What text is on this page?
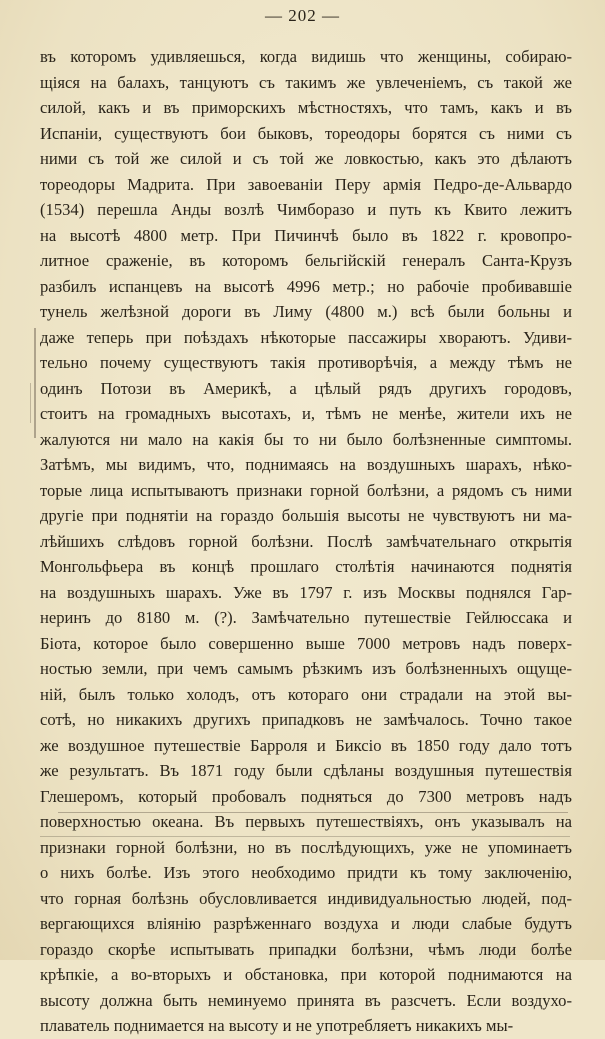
— 202 —
въ которомъ удивляешься, когда видишь что женщины, собираю-
щіяся на балахъ, танцуютъ съ такимъ же увлеченіемъ, съ такой же
силой, какъ и въ приморскихъ мѣстностяхъ, что тамъ, какъ и въ
Испаніи, существуютъ бои быковъ, тореодоры борятся съ ними съ
ними съ той же силой и съ той же ловкостью, какъ это дѣлаютъ
тореодоры Мадрита. При завоеваніи Перу армія Педро-де-Альвардо
(1534) перешла Анды возлѣ Чимборазо и путь къ Квито лежитъ
на высотѣ 4800 метр. При Пичинчѣ было въ 1822 г. кровопро-
литное сраженіе, въ которомъ бельгійскій генералъ Санта-Крузъ
разбилъ испанцевъ на высотѣ 4996 метр.; но рабочіе пробивавшіе
тунель желѣзной дороги въ Лиму (4800 м.) всѣ были больны и
даже теперь при поѣздахъ нѣкоторые пассажиры хвораютъ. Удиви-
тельно почему существуютъ такія противорѣчія, а между тѣмъ не
одинъ Потози въ Америкѣ, а цѣлый рядъ другихъ городовъ,
стоитъ на громадныхъ высотахъ, и, тѣмъ не менѣе, жители ихъ не
жалуются ни мало на какія бы то ни было болѣзненные симптомы.
Затѣмъ, мы видимъ, что, поднимаясь на воздушныхъ шарахъ, нѣко-
торые лица испытываютъ признаки горной болѣзни, а рядомъ съ ними
другіе при поднятіи на гораздо большія высоты не чувствуютъ ни ма-
лѣйшихъ слѣдовъ горной болѣзни. Послѣ замѣчательнаго открытія
Монгольфьера въ концѣ прошлаго столѣтія начинаются поднятія
на воздушныхъ шарахъ. Уже въ 1797 г. изъ Москвы поднялся Гар-
неринъ до 8180 м. (?). Замѣчательно путешествіе Гейлюссака и
Біота, которое было совершенно выше 7000 метровъ надъ поверх-
ностью земли, при чемъ самымъ рѣзкимъ изъ болѣзненныхъ ощуще-
ній, былъ только холодъ, отъ котораго они страдали на этой вы-
сотѣ, но никакихъ другихъ припадковъ не замѣчалось. Точно такое
же воздушное путешествіе Барроля и Биксіо въ 1850 году дало тотъ
же результатъ. Въ 1871 году были сдѣланы воздушныя путешествія
Глешеромъ, который пробовалъ подняться до 7300 метровъ надъ
поверхностью океана. Въ первыхъ путешествіяхъ, онъ указывалъ на
признаки горной болѣзни, но въ послѣдующихъ, уже не упоминаетъ
о нихъ болѣе. Изъ этого необходимо придти къ тому заключенію,
что горная болѣзнь обусловливается индивидуальностью людей, под-
вергающихся вліянію разрѣженнаго воздуха и люди слабые будутъ
гораздо скорѣе испытывать припадки болѣзни, чѣмъ люди болѣе
крѣпкіе, а во-вторыхъ и обстановка, при которой поднимаются на
высоту должна быть неминуемо принята въ разсчетъ. Если воздухо-
плаватель поднимается на высоту и не употребляетъ никакихъ мы-
